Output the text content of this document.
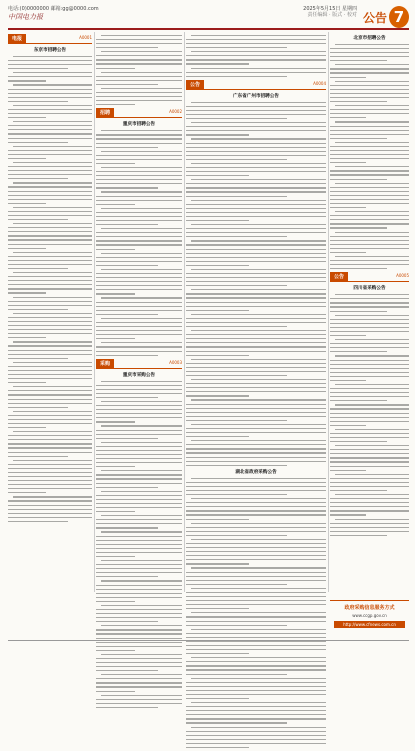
电话:(0)0000000 邮箱:gg@0000.com	2025年5月15日 星期四
责任编辑 · 版式 · 校对
中国电力报	公告 7
电报	A0001
东京市招聘公告
招聘	A0002
重庆市招聘公告
采购	A0003
重庆市采购公告
公告	A0004
广东省广州市招聘公告
湖北省政府采购公告
北京市招聘公告
公告	A0005
四川省采购公告
政府采购信息服务方式
www.ccgp.gov.cn
http://www.cfnews.com.cn
